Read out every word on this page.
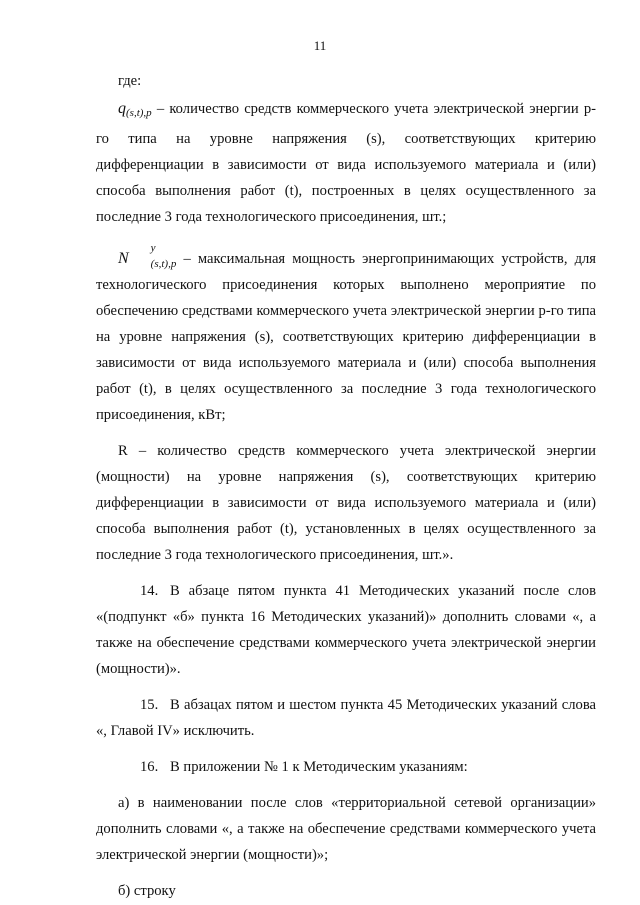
11

где:

$q_{(s,t),p}$ – количество средств коммерческого учета электрической энергии р-го типа на уровне напряжения (s), соответствующих критерию дифференциации в зависимости от вида используемого материала и (или) способа выполнения работ (t), построенных в целях осуществленного за последние 3 года технологического присоединения, шт.;

N
у
$_{(s,t),p}$ – максимальная мощность энергопринимающих устройств, для технологического присоединения которых выполнено мероприятие по обеспечению средствами коммерческого учета электрической энергии р-го типа на уровне напряжения (s), соответствующих критерию дифференциации в зависимости от вида используемого материала и (или) способа выполнения работ (t), в целях осуществленного за последние 3 года технологического присоединения, кВт;

R – количество средств коммерческого учета электрической энергии (мощности) на уровне напряжения (s), соответствующих критерию дифференциации в зависимости от вида используемого материала и (или) способа выполнения работ (t), установленных в целях осуществленного за последние 3 года технологического присоединения, шт.».

14. В абзаце пятом пункта 41 Методических указаний после слов «(подпункт «б» пункта 16 Методических указаний)» дополнить словами «, а также на обеспечение средствами коммерческого учета электрической энергии (мощности)».

15. В абзацах пятом и шестом пункта 45 Методических указаний слова «, Главой IV» исключить.

16. В приложении № 1 к Методическим указаниям:

а) в наименовании после слов «территориальной сетевой организации» дополнить словами «, а также на обеспечение средствами коммерческого учета электрической энергии (мощности)»;

б) строку
